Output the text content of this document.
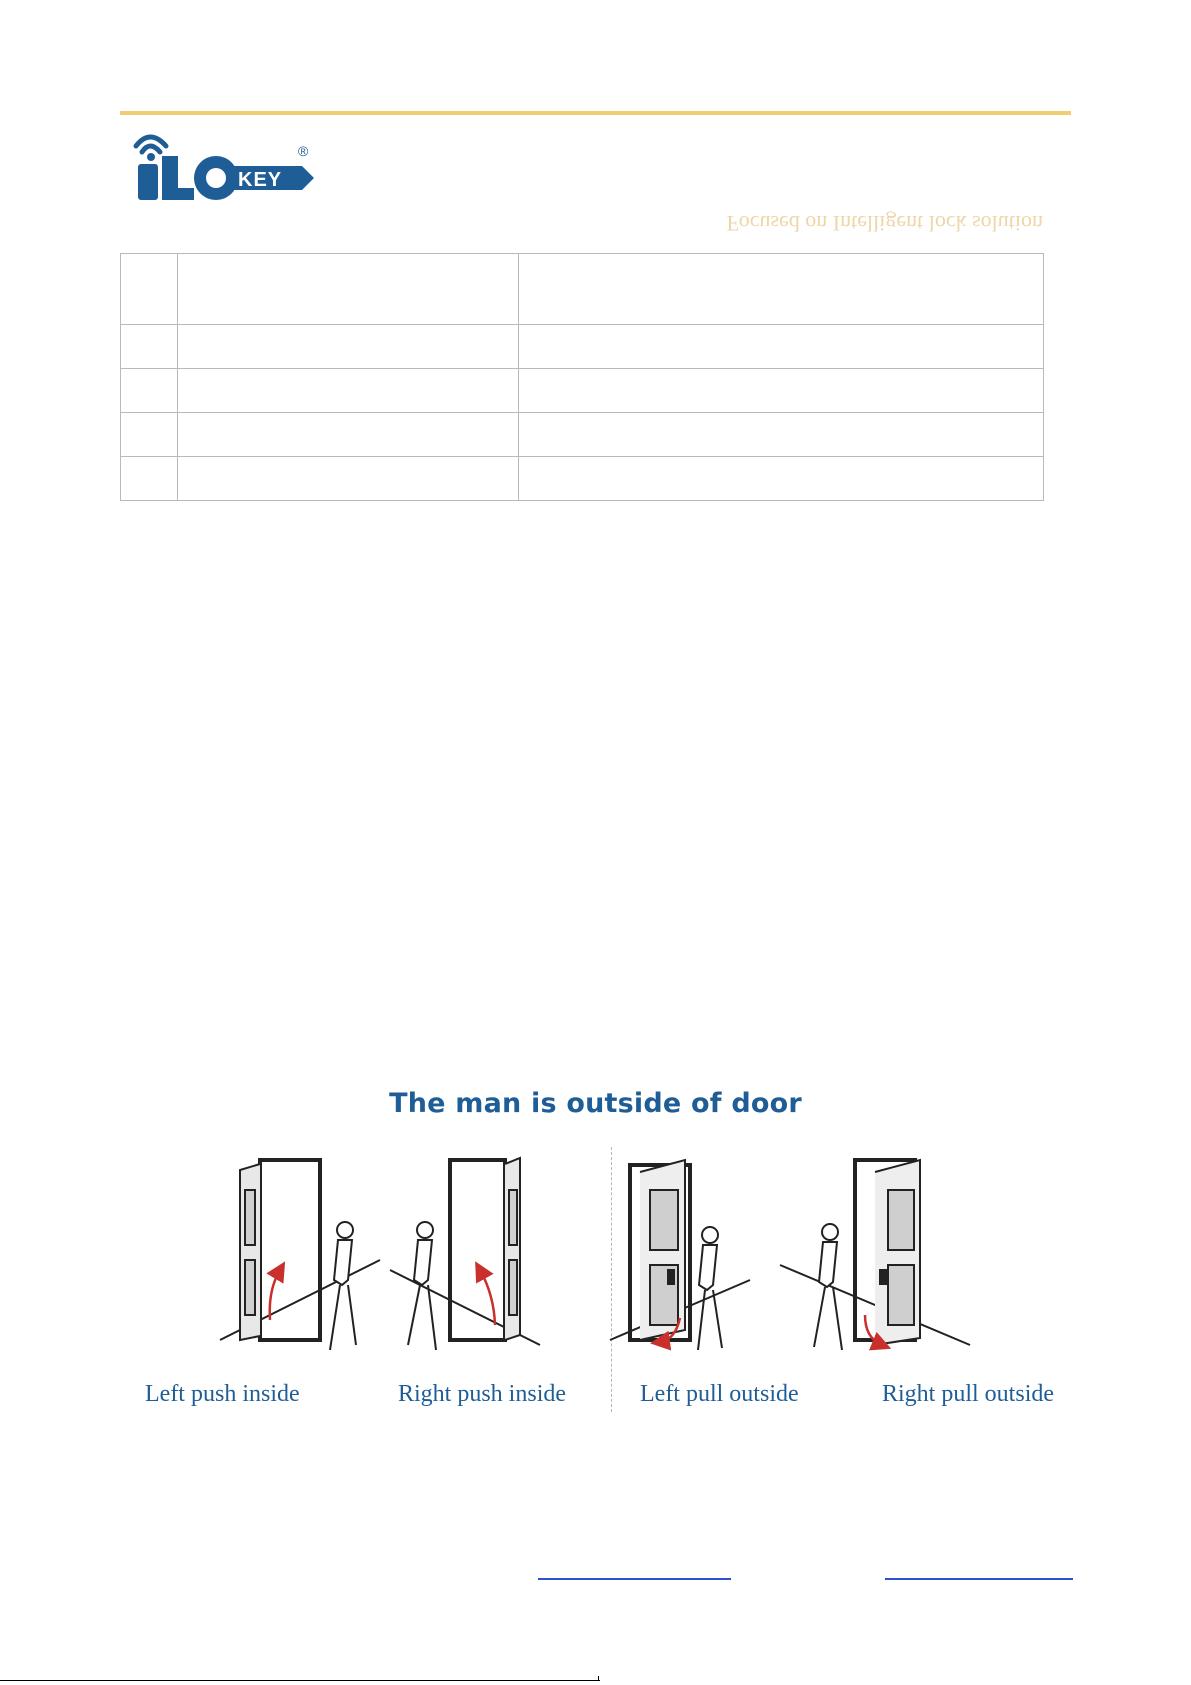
KEY
®
Focused on Intelligent lock solution

The man is outside of door
Left push inside	Right push inside	Left pull outside	Right pull outside
